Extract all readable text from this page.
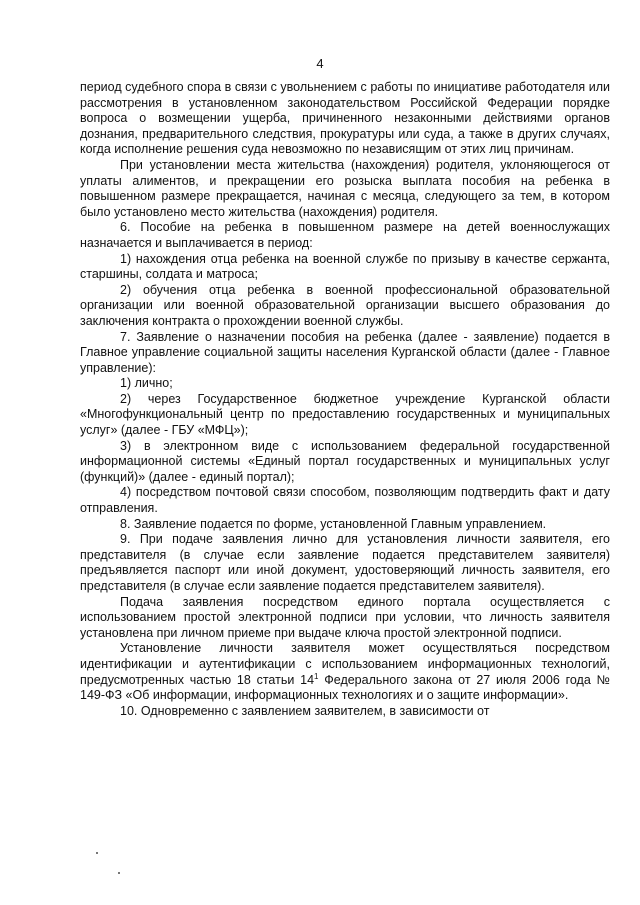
4

период судебного спора в связи с увольнением с работы по инициативе работодателя или рассмотрения в установленном законодательством Российской Федерации порядке вопроса о возмещении ущерба, причиненного незаконными действиями органов дознания, предварительного следствия, прокуратуры или суда, а также в других случаях, когда исполнение решения суда невозможно по независящим от этих лиц причинам.

При установлении места жительства (нахождения) родителя, уклоняющегося от уплаты алиментов, и прекращении его розыска выплата пособия на ребенка в повышенном размере прекращается, начиная с месяца, следующего за тем, в котором было установлено место жительства (нахождения) родителя.

6. Пособие на ребенка в повышенном размере на детей военнослужащих назначается и выплачивается в период:

1) нахождения отца ребенка на военной службе по призыву в качестве сержанта, старшины, солдата и матроса;

2) обучения отца ребенка в военной профессиональной образовательной организации или военной образовательной организации высшего образования до заключения контракта о прохождении военной службы.

7. Заявление о назначении пособия на ребенка (далее - заявление) подается в Главное управление социальной защиты населения Курганской области (далее - Главное управление):

1) лично;

2) через Государственное бюджетное учреждение Курганской области «Многофункциональный центр по предоставлению государственных и муниципальных услуг» (далее - ГБУ «МФЦ»);

3) в электронном виде с использованием федеральной государственной информационной системы «Единый портал государственных и муниципальных услуг (функций)» (далее - единый портал);

4) посредством почтовой связи способом, позволяющим подтвердить факт и дату отправления.

8. Заявление подается по форме, установленной Главным управлением.

9. При подаче заявления лично для установления личности заявителя, его представителя (в случае если заявление подается представителем заявителя) предъявляется паспорт или иной документ, удостоверяющий личность заявителя, его представителя (в случае если заявление подается представителем заявителя).

Подача заявления посредством единого портала осуществляется с использованием простой электронной подписи при условии, что личность заявителя установлена при личном приеме при выдаче ключа простой электронной подписи.

Установление личности заявителя может осуществляться посредством идентификации и аутентификации с использованием информационных технологий, предусмотренных частью 18 статьи $14^1$ Федерального закона от 27 июля 2006 года № 149-ФЗ «Об информации, информационных технологиях и о защите информации».

10. Одновременно с заявлением заявителем, в зависимости от
